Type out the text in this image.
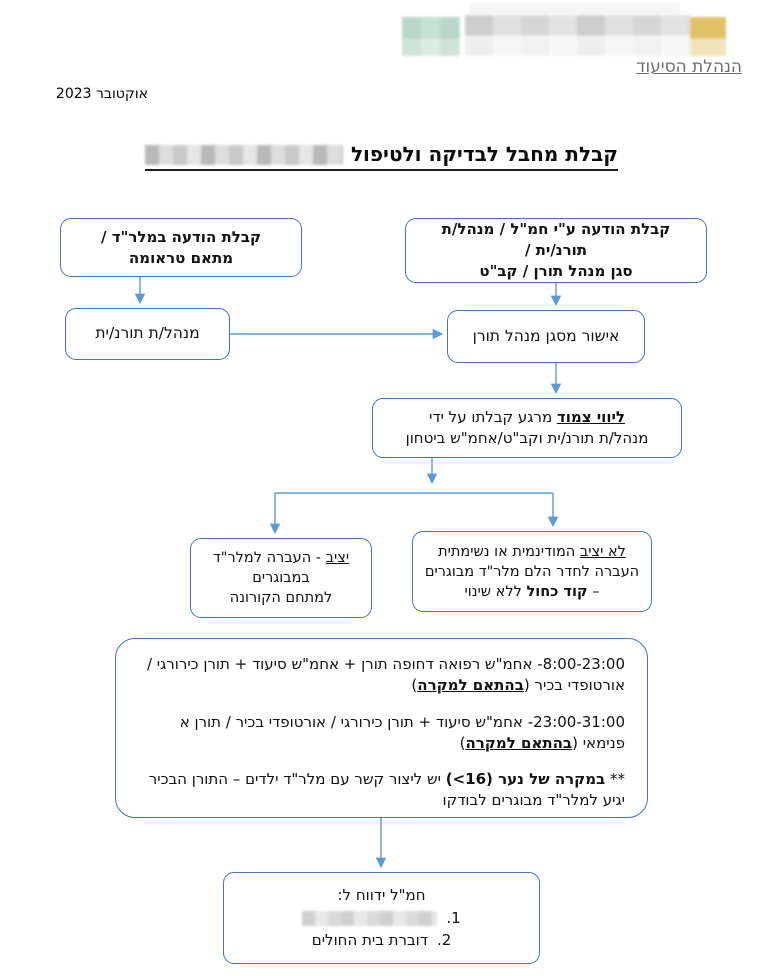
הנהלת הסיעוד
אוקטובר 2023
קבלת מחבל לבדיקה ולטיפול
קבלת הודעה במלר"ד /
מתאם טראומה
קבלת הודעה ע"י חמ"ל / מנהל/ת תורנ/ית /
סגן מנהל תורן / קב"ט
מנהל/ת תורנ/ית	אישור מסגן מנהל תורן
ליווי צמוד מרגע קבלתו על ידי
מנהל/ת תורנ/ית וקב"ט/אחמ"ש ביטחון
יציב - העברה למלר"ד
במבוגרים
למתחם הקורונה
לא יציב המודינמית או נשימתית
העברה לחדר הלם מלר"ד מבוגרים
– קוד כחול ללא שינוי

8:00-23:00- אחמ"ש רפואה דחופה תורן + אחמ"ש סיעוד + תורן כירורגי / אורטופדי בכיר (בהתאם למקרה)

23:00-31:00- אחמ"ש סיעוד + תורן כירורגי / אורטופדי בכיר / תורן א פנימאי (בהתאם למקרה)

** במקרה של נער (<16) יש ליצור קשר עם מלר"ד ילדים – התורן הבכיר יגיע למלר"ד מבוגרים לבודקו

חמ"ל ידווח ל:
1.
2.
דוברת בית החולים
